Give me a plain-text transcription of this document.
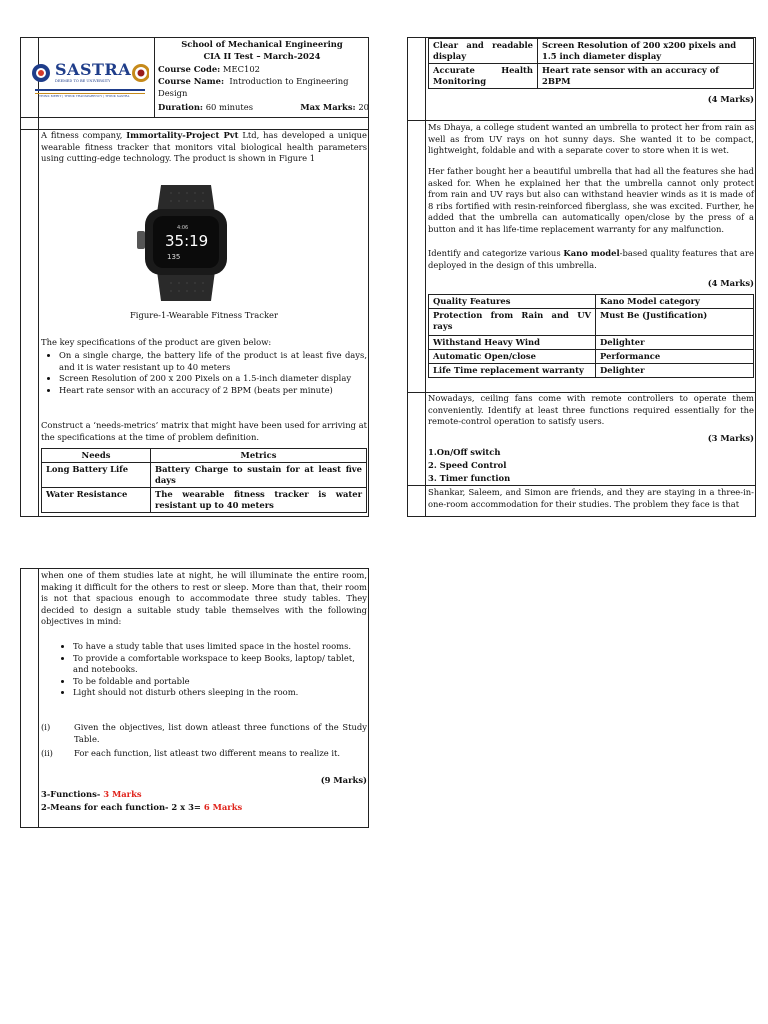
SASTRA
DEEMED TO BE UNIVERSITY
THINK MERIT | THINK TRANSPARENCY | THINK SASTRA
School of Mechanical Engineering
CIA II Test – March-2024
Course Code: MEC102
Course Name: Introduction to Engineering Design
Duration: 60 minutes	Max Marks: 20
A fitness company, Immortality-Project Pvt Ltd, has developed a unique wearable fitness tracker that monitors vital biological health parameters using cutting-edge technology. The product is shown in Figure 1
4:06
35:19
135
Figure-1-Wearable Fitness Tracker
The key specifications of the product are given below:
• On a single charge, the battery life of the product is at least five days, and it is water resistant up to 40 meters
• Screen Resolution of 200 x 200 Pixels on a 1.5-inch diameter display
• Heart rate sensor with an accuracy of 2 BPM (beats per minute)
Construct a ‘needs-metrics’ matrix that might have been used for arriving at the specifications at the time of problem definition.
Needs	Metrics
Long Battery Life	Battery Charge to sustain for at least five days
Water Resistance	The wearable fitness tracker is water resistant up to 40 meters
Clear and readable display	Screen Resolution of 200 x200 pixels and 1.5 inch diameter display
Accurate Health Monitoring	Heart rate sensor with an accuracy of 2BPM
(4 Marks)
Ms Dhaya, a college student wanted an umbrella to protect her from rain as well as from UV rays on hot sunny days. She wanted it to be compact, lightweight, foldable and with a separate cover to store when it is wet.
Her father bought her a beautiful umbrella that had all the features she had asked for. When he explained her that the umbrella cannot only protect from rain and UV rays but also can withstand heavier winds as it is made of 8 ribs fortified with resin-reinforced fiberglass, she was excited. Further, he added that the umbrella can automatically open/close by the press of a button and it has life-time replacement warranty for any malfunction.
Identify and categorize various Kano model-based quality features that are deployed in the design of this umbrella.
(4 Marks)
Quality Features	Kano Model category
Protection from Rain and UV rays	Must Be (Justification)
Withstand Heavy Wind	Delighter
Automatic Open/close	Performance
Life Time replacement warranty	Delighter
Nowadays, ceiling fans come with remote controllers to operate them conveniently. Identify at least three functions required essentially for the remote-control operation to satisfy users.
(3 Marks)
1.On/Off switch
2. Speed Control
3. Timer function
Shankar, Saleem, and Simon are friends, and they are staying in a three-in-one-room accommodation for their studies. The problem they face is that
when one of them studies late at night, he will illuminate the entire room, making it difficult for the others to rest or sleep. More than that, their room is not that spacious enough to accommodate three study tables. They decided to design a suitable study table themselves with the following objectives in mind:
• To have a study table that uses limited space in the hostel rooms.
• To provide a comfortable workspace to keep Books, laptop/ tablet, and notebooks.
• To be foldable and portable
• Light should not disturb others sleeping in the room.
(i)	Given the objectives, list down atleast three functions of the Study Table.
(ii)	For each function, list atleast two different means to realize it.
(9 Marks)
3-Functions- 3 Marks
2-Means for each function- 2 x 3= 6 Marks
